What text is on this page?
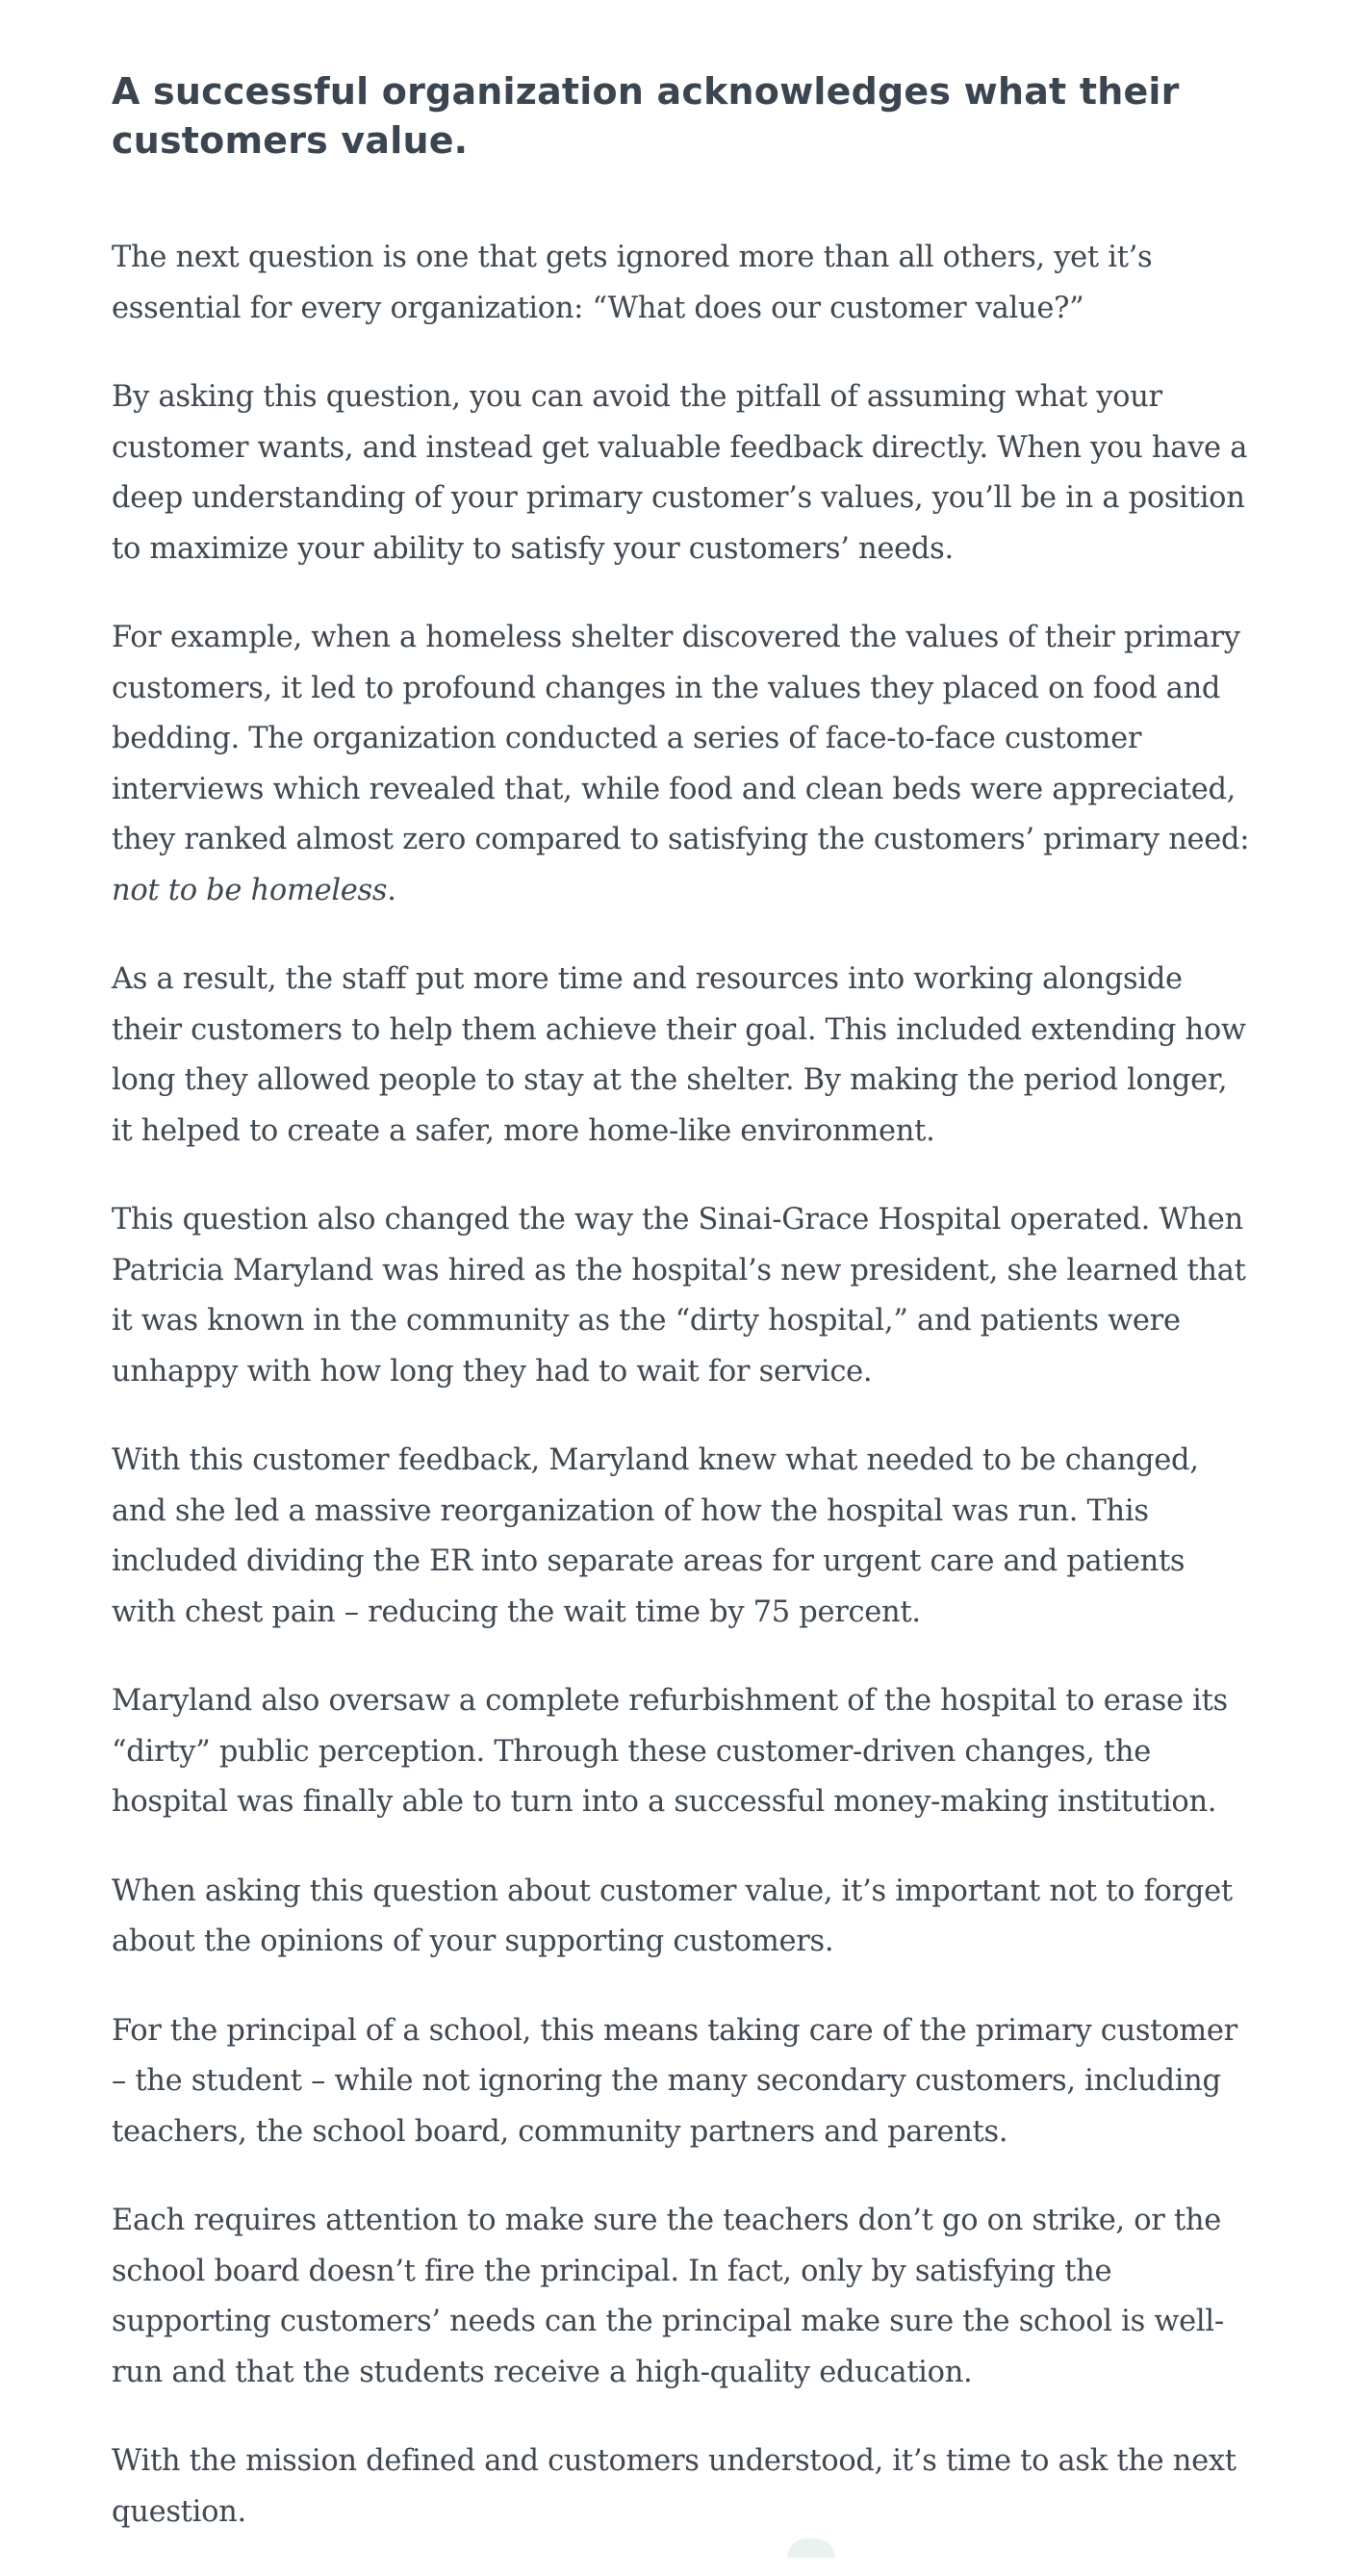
A successful organization acknowledges what their customers value.

The next question is one that gets ignored more than all others, yet it’s essential for every organization: “What does our customer value?”

By asking this question, you can avoid the pitfall of assuming what your customer wants, and instead get valuable feedback directly. When you have a deep understanding of your primary customer’s values, you’ll be in a position to maximize your ability to satisfy your customers’ needs.

For example, when a homeless shelter discovered the values of their primary customers, it led to profound changes in the values they placed on food and bedding. The organization conducted a series of face-to-face customer interviews which revealed that, while food and clean beds were appreciated, they ranked almost zero compared to satisfying the customers’ primary need: not to be homeless.

As a result, the staff put more time and resources into working alongside their customers to help them achieve their goal. This included extending how long they allowed people to stay at the shelter. By making the period longer, it helped to create a safer, more home-like environment.

This question also changed the way the Sinai-Grace Hospital operated. When Patricia Maryland was hired as the hospital’s new president, she learned that it was known in the community as the “dirty hospital,” and patients were unhappy with how long they had to wait for service.

With this customer feedback, Maryland knew what needed to be changed, and she led a massive reorganization of how the hospital was run. This included dividing the ER into separate areas for urgent care and patients with chest pain – reducing the wait time by 75 percent.

Maryland also oversaw a complete refurbishment of the hospital to erase its “dirty” public perception. Through these customer-driven changes, the hospital was finally able to turn into a successful money-making institution.

When asking this question about customer value, it’s important not to forget about the opinions of your supporting customers.

For the principal of a school, this means taking care of the primary customer – the student – while not ignoring the many secondary customers, including teachers, the school board, community partners and parents.

Each requires attention to make sure the teachers don’t go on strike, or the school board doesn’t fire the principal. In fact, only by satisfying the supporting customers’ needs can the principal make sure the school is well-run and that the students receive a high-quality education.

With the mission defined and customers understood, it’s time to ask the next question.
